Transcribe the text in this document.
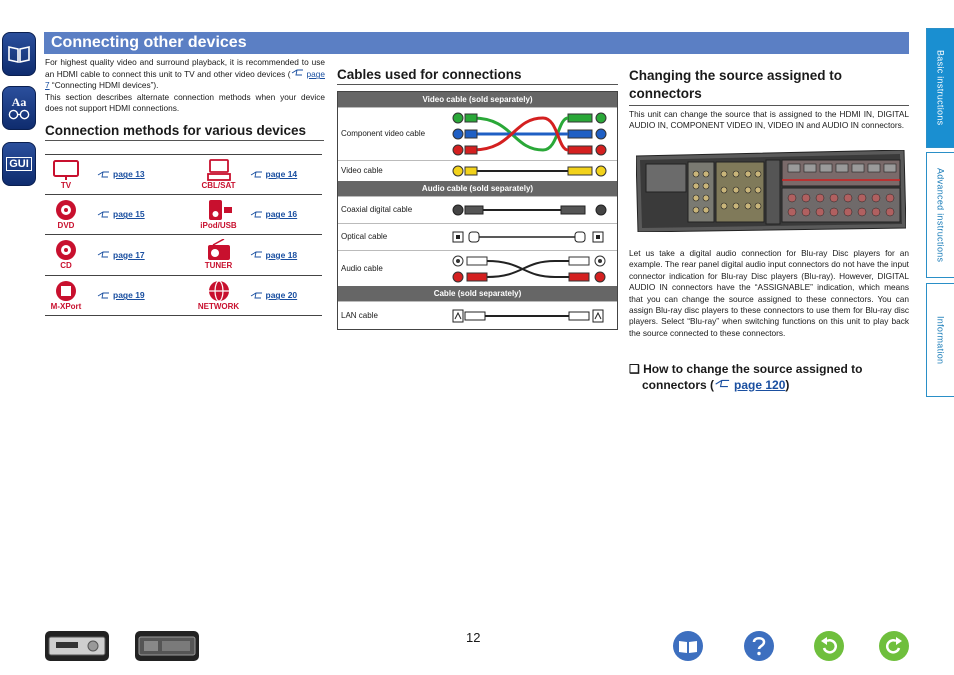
Aa
GUI
Basic instructions
Advanced instructions
Information
Connecting other devices
For highest quality video and surround playback, it is recommended to use an HDMI cable to connect this unit to TV and other video devices ( page 7 “Connecting HDMI devices”).
This section describes alternate connection methods when your device does not support HDMI connections.
Connection methods for various devices
TV
page 13
CBL/SAT
page 14
DVD
page 15
iPod/USB
page 16
CD
page 17
TUNER
page 18
M-XPort
page 19
NETWORK
page 20
Cables used for connections
Video cable (sold separately)
Component video cable
Video cable
Audio cable (sold separately)
Coaxial digital cable
Optical cable
Audio cable
Cable (sold separately)
LAN cable
Changing the source assigned to connectors
This unit can change the source that is assigned to the HDMI IN, DIGITAL AUDIO IN, COMPONENT VIDEO IN, VIDEO IN and AUDIO IN connectors.
Let us take a digital audio connection for Blu-ray Disc players for an example. The rear panel digital audio input connectors do not have the input connector indication for Blu-ray Disc players (Blu-ray). However, DIGITAL AUDIO IN connectors have the “ASSIGNABLE” indication, which means that you can change the source assigned to these connectors. You can assign Blu-ray disc players to these connectors to use them for Blu-ray disc players. Select “Blu-ray” when switching functions on this unit to play back the source connected to these connectors.
❑ How to change the source assigned to
connectors ( page 120)
12
